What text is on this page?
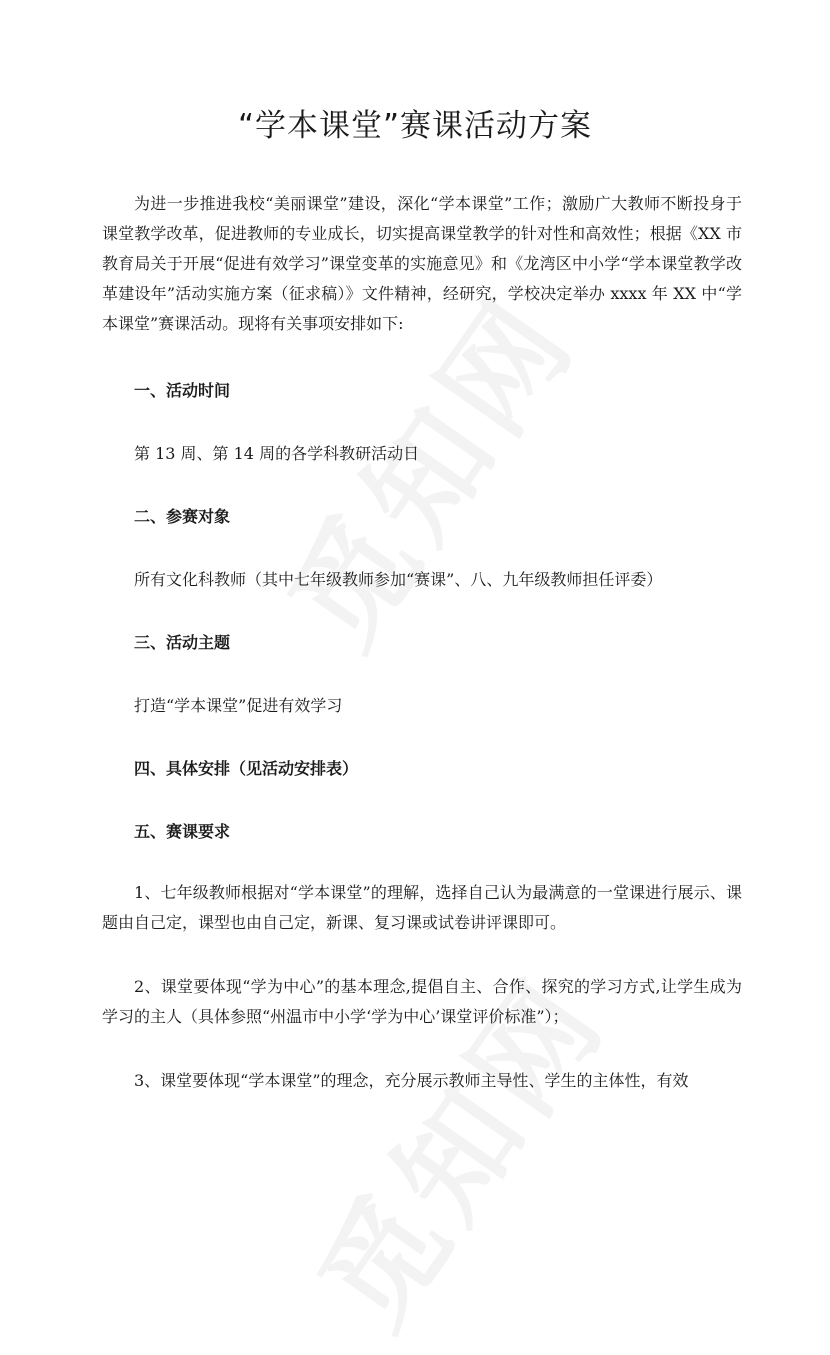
“学本课堂”赛课活动方案

为进一步推进我校“美丽课堂”建设，深化“学本课堂”工作；激励广大教师不断投身于课堂教学改革，促进教师的专业成长，切实提高课堂教学的针对性和高效性；根据《XX 市教育局关于开展“促进有效学习”课堂变革的实施意见》和《龙湾区中小学“学本课堂教学改革建设年”活动实施方案（征求稿）》文件精神，经研究，学校决定举办 xxxx 年 XX 中“学本课堂”赛课活动。现将有关事项安排如下:

一、活动时间

第 13 周、第 14 周的各学科教研活动日

二、参赛对象

所有文化科教师（其中七年级教师参加“赛课”、八、九年级教师担任评委）

三、活动主题

打造“学本课堂”促进有效学习

四、具体安排（见活动安排表）

五、赛课要求

1、七年级教师根据对“学本课堂”的理解，选择自己认为最满意的一堂课进行展示、课题由自己定，课型也由自己定，新课、复习课或试卷讲评课即可。

2、课堂要体现“学为中心”的基本理念,提倡自主、合作、探究的学习方式,让学生成为学习的主人（具体参照“州温市中小学‘学为中心’课堂评价标准”）；

3、课堂要体现“学本课堂”的理念，充分展示教师主导性、学生的主体性，有效
